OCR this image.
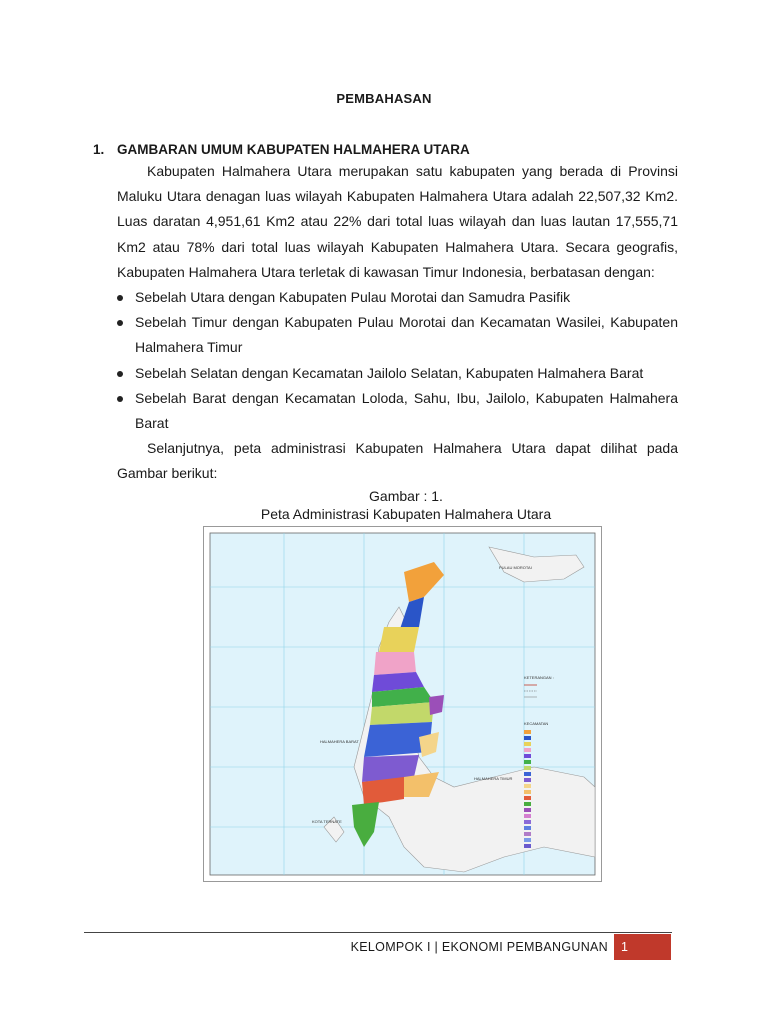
PEMBAHASAN
1. GAMBARAN UMUM KABUPATEN HALMAHERA UTARA

Kabupaten Halmahera Utara merupakan satu kabupaten yang berada di Provinsi Maluku Utara denagan luas wilayah Kabupaten Halmahera Utara adalah 22,507,32 Km2. Luas daratan 4,951,61 Km2 atau 22% dari total luas wilayah dan luas lautan 17,555,71 Km2 atau 78% dari total luas wilayah Kabupaten Halmahera Utara. Secara geografis, Kabupaten Halmahera Utara terletak di kawasan Timur Indonesia, berbatasan dengan:

Sebelah Utara dengan Kabupaten Pulau Morotai dan Samudra Pasifik
Sebelah Timur dengan Kabupaten Pulau Morotai dan Kecamatan Wasilei, Kabupaten Halmahera Timur
Sebelah Selatan dengan Kecamatan Jailolo Selatan, Kabupaten Halmahera Barat
Sebelah Barat dengan Kecamatan Loloda, Sahu, Ibu, Jailolo, Kabupaten Halmahera Barat

Selanjutnya, peta administrasi Kabupaten Halmahera Utara dapat dilihat pada Gambar berikut:

Gambar : 1.
Peta Administrasi Kabupaten Halmahera Utara
PULAU MOROTAI
HALMAHERA BARAT
HALMAHERA TIMUR
KOTA TERNATE
KETERANGAN :
KECAMATAN
KELOMPOK I | EKONOMI PEMBANGUNAN	1
